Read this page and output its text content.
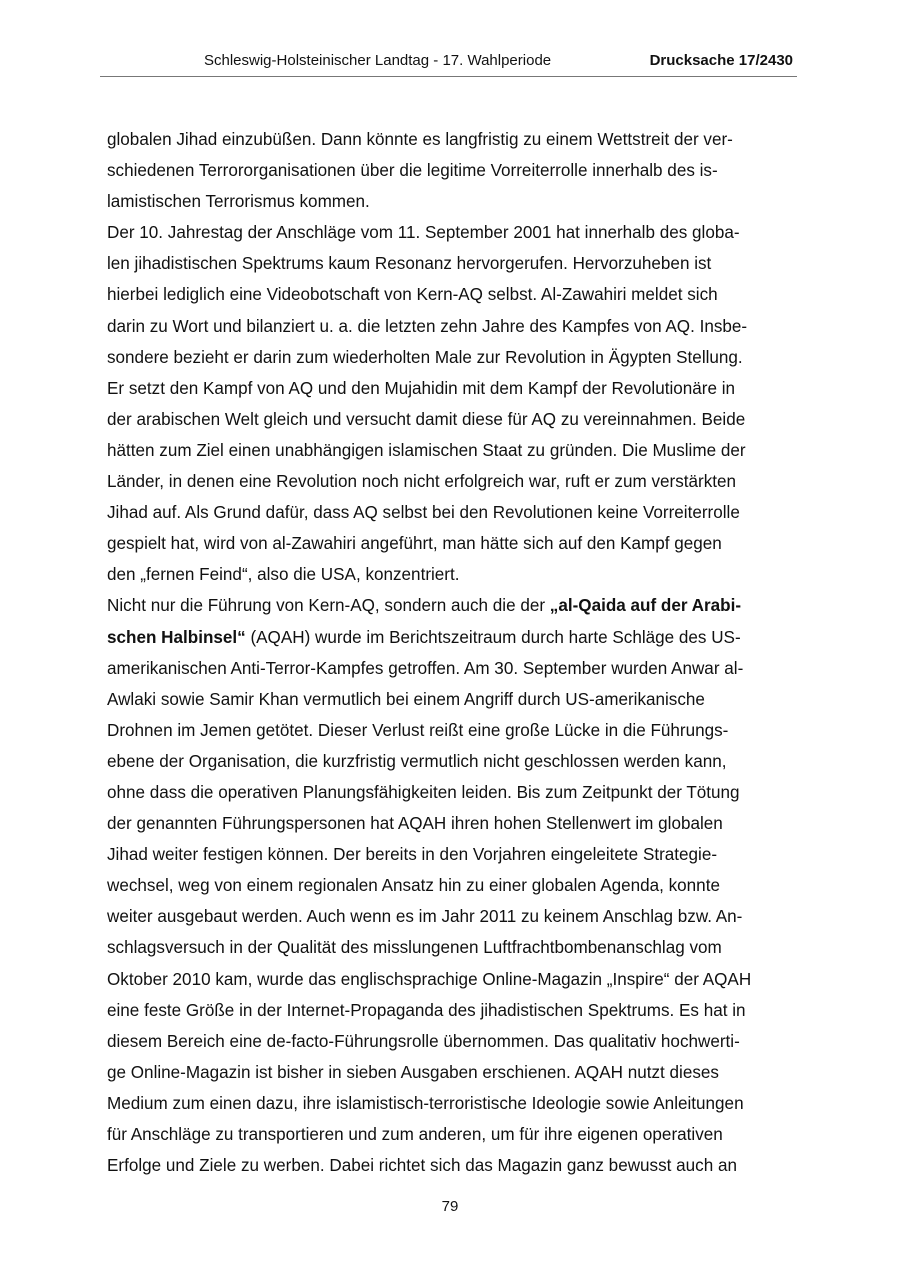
Schleswig-Holsteinischer Landtag - 17. Wahlperiode	Drucksache 17/2430
globalen Jihad einzubüßen. Dann könnte es langfristig zu einem Wettstreit der ver-
schiedenen Terrororganisationen über die legitime Vorreiterrolle innerhalb des is-
lamistischen Terrorismus kommen.
Der 10. Jahrestag der Anschläge vom 11. September 2001 hat innerhalb des globa-
len jihadistischen Spektrums kaum Resonanz hervorgerufen. Hervorzuheben ist
hierbei lediglich eine Videobotschaft von Kern-AQ selbst. Al-Zawahiri meldet sich
darin zu Wort und bilanziert u. a. die letzten zehn Jahre des Kampfes von AQ. Insbe-
sondere bezieht er darin zum wiederholten Male zur Revolution in Ägypten Stellung.
Er setzt den Kampf von AQ und den Mujahidin mit dem Kampf der Revolutionäre in
der arabischen Welt gleich und versucht damit diese für AQ zu vereinnahmen. Beide
hätten zum Ziel einen unabhängigen islamischen Staat zu gründen. Die Muslime der
Länder, in denen eine Revolution noch nicht erfolgreich war, ruft er zum verstärkten
Jihad auf. Als Grund dafür, dass AQ selbst bei den Revolutionen keine Vorreiterrolle
gespielt hat, wird von al-Zawahiri angeführt, man hätte sich auf den Kampf gegen
den „fernen Feind“, also die USA, konzentriert.
Nicht nur die Führung von Kern-AQ, sondern auch die der „al-Qaida auf der Arabi-
schen Halbinsel“ (AQAH) wurde im Berichtszeitraum durch harte Schläge des US-
amerikanischen Anti-Terror-Kampfes getroffen. Am 30. September wurden Anwar al-
Awlaki sowie Samir Khan vermutlich bei einem Angriff durch US-amerikanische
Drohnen im Jemen getötet. Dieser Verlust reißt eine große Lücke in die Führungs-
ebene der Organisation, die kurzfristig vermutlich nicht geschlossen werden kann,
ohne dass die operativen Planungsfähigkeiten leiden. Bis zum Zeitpunkt der Tötung
der genannten Führungspersonen hat AQAH ihren hohen Stellenwert im globalen
Jihad weiter festigen können. Der bereits in den Vorjahren eingeleitete Strategie-
wechsel, weg von einem regionalen Ansatz hin zu einer globalen Agenda, konnte
weiter ausgebaut werden. Auch wenn es im Jahr 2011 zu keinem Anschlag bzw. An-
schlagsversuch in der Qualität des misslungenen Luftfrachtbombenanschlag vom
Oktober 2010 kam, wurde das englischsprachige Online-Magazin „Inspire“ der AQAH
eine feste Größe in der Internet-Propaganda des jihadistischen Spektrums. Es hat in
diesem Bereich eine de-facto-Führungsrolle übernommen. Das qualitativ hochwerti-
ge Online-Magazin ist bisher in sieben Ausgaben erschienen. AQAH nutzt dieses
Medium zum einen dazu, ihre islamistisch-terroristische Ideologie sowie Anleitungen
für Anschläge zu transportieren und zum anderen, um für ihre eigenen operativen
Erfolge und Ziele zu werben. Dabei richtet sich das Magazin ganz bewusst auch an
79
